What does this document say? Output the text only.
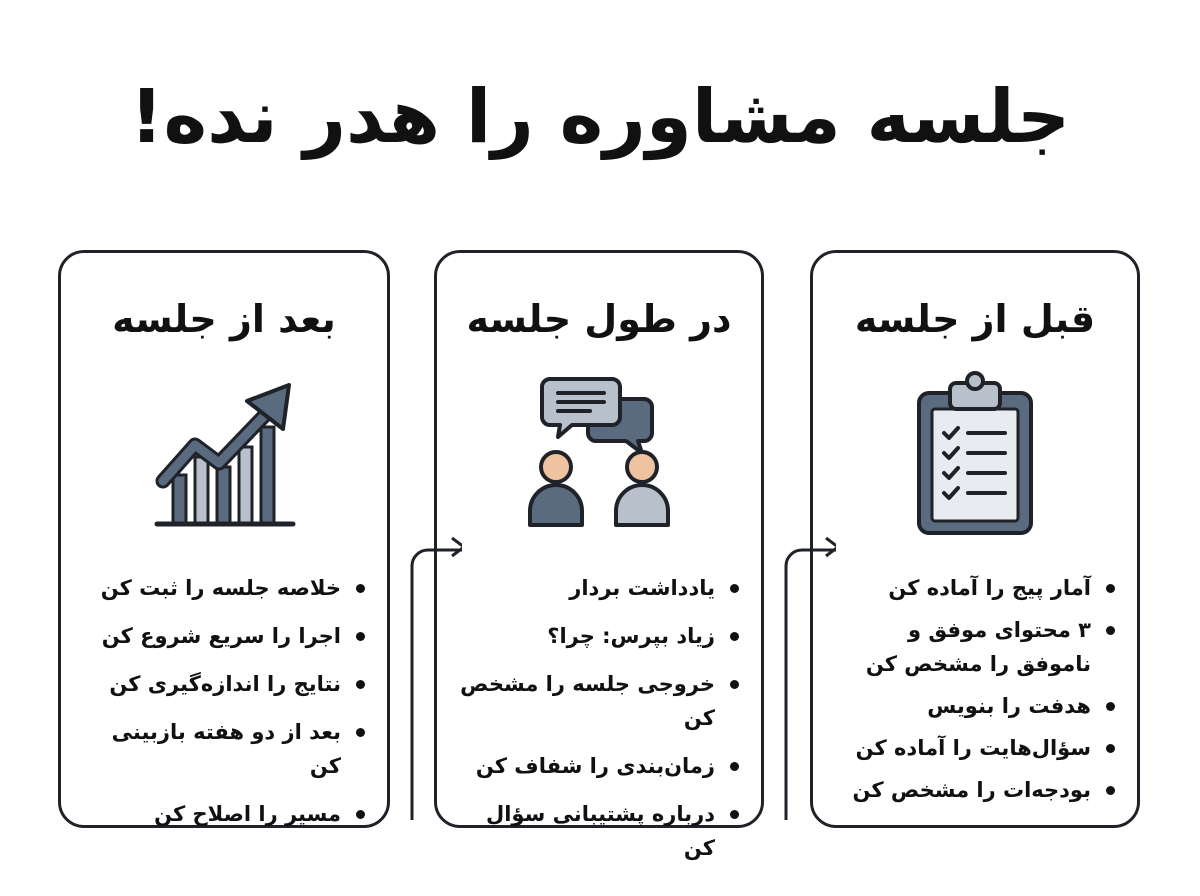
جلسه مشاوره را هدر نده!
قبل از جلسه
آمار پیج را آماده کن
۳ محتوای موفق و ناموفق را مشخص کن
هدفت را بنویس
سؤال‌هایت را آماده کن
بودجه‌ات را مشخص کن
در طول جلسه
یادداشت بردار
زیاد بپرس: چرا؟
خروجی جلسه را مشخص کن
زمان‌بندی را شفاف کن
درباره پشتیبانی سؤال کن
بعد از جلسه
خلاصه جلسه را ثبت کن
اجرا را سریع شروع کن
نتایج را اندازه‌گیری کن
بعد از دو هفته بازبینی کن
مسیر را اصلاح کن
